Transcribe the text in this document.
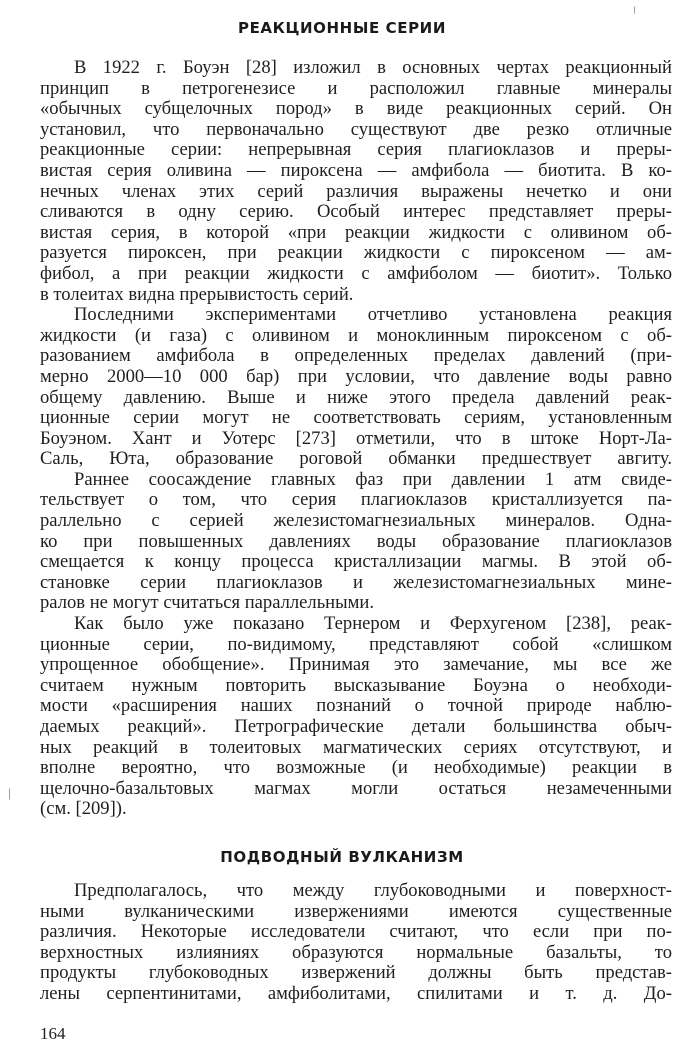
РЕАКЦИОННЫЕ СЕРИИ
В 1922 г. Боуэн [28] изложил в основных чертах реакционный
принцип в петрогенезисе и расположил главные минералы
«обычных субщелочных пород» в виде реакционных серий. Он
установил, что первоначально существуют две резко отличные
реакционные серии: непрерывная серия плагиоклазов и преры-
вистая серия оливина — пироксена — амфибола — биотита. В ко-
нечных членах этих серий различия выражены нечетко и они
сливаются в одну серию. Особый интерес представляет преры-
вистая серия, в которой «при реакции жидкости с оливином об-
разуется пироксен, при реакции жидкости с пироксеном — ам-
фибол, а при реакции жидкости с амфиболом — биотит». Только
в толеитах видна прерывистость серий.
Последними экспериментами отчетливо установлена реакция
жидкости (и газа) с оливином и моноклинным пироксеном с об-
разованием амфибола в определенных пределах давлений (при-
мерно 2000—10 000 бар) при условии, что давление воды равно
общему давлению. Выше и ниже этого предела давлений реак-
ционные серии могут не соответствовать сериям, установленным
Боуэном. Хант и Уотерс [273] отметили, что в штоке Норт-Ла-
Саль, Юта, образование роговой обманки предшествует авгиту.
Раннее соосаждение главных фаз при давлении 1 атм свиде-
тельствует о том, что серия плагиоклазов кристаллизуется па-
раллельно с серией железистомагнезиальных минералов. Одна-
ко при повышенных давлениях воды образование плагиоклазов
смещается к концу процесса кристаллизации магмы. В этой об-
становке серии плагиоклазов и железистомагнезиальных мине-
ралов не могут считаться параллельными.
Как было уже показано Тернером и Ферхугеном [238], реак-
ционные серии, по-видимому, представляют собой «слишком
упрощенное обобщение». Принимая это замечание, мы все же
считаем нужным повторить высказывание Боуэна о необходи-
мости «расширения наших познаний о точной природе наблю-
даемых реакций». Петрографические детали большинства обыч-
ных реакций в толеитовых магматических сериях отсутствуют, и
вполне вероятно, что возможные (и необходимые) реакции в
щелочно-базальтовых магмах могли остаться незамеченными
(см. [209]).
ПОДВОДНЫЙ ВУЛКАНИЗМ
Предполагалось, что между глубоководными и поверхност-
ными вулканическими извержениями имеются существенные
различия. Некоторые исследователи считают, что если при по-
верхностных излияниях образуются нормальные базальты, то
продукты глубоководных извержений должны быть представ-
лены серпентинитами, амфиболитами, спилитами и т. д. До-
164
